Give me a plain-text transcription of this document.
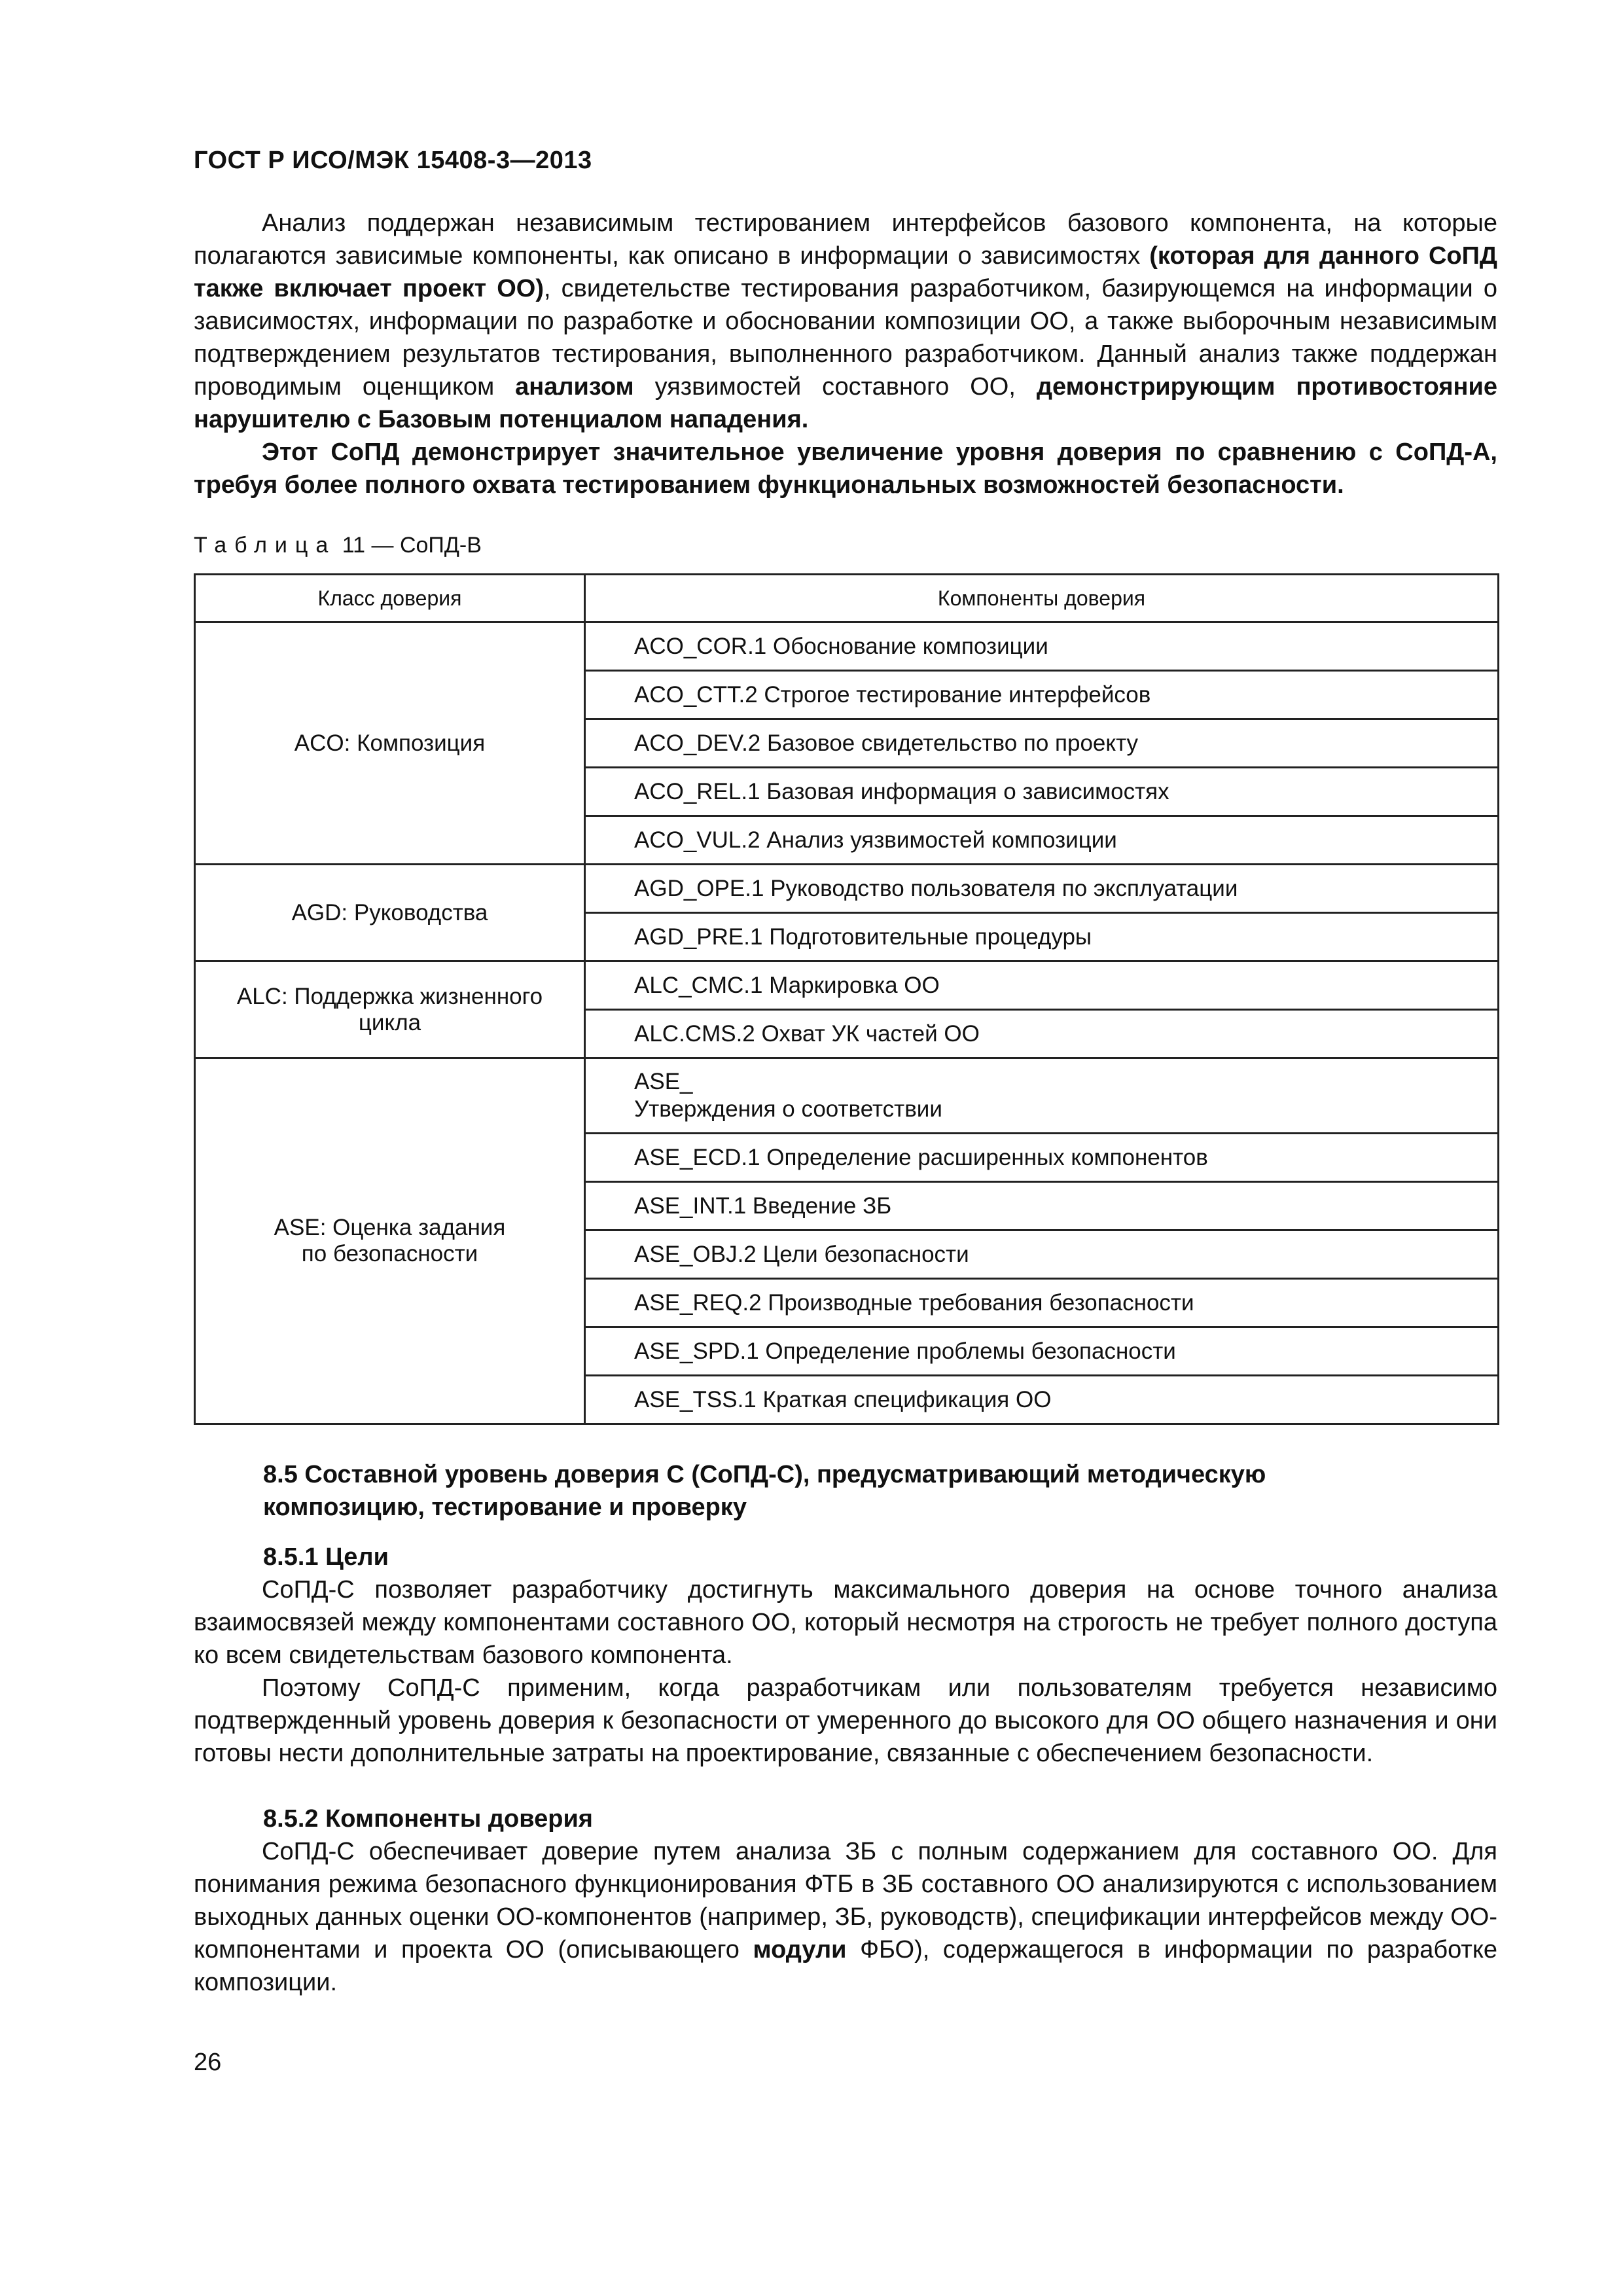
ГОСТ Р ИСО/МЭК 15408-3—2013

Анализ поддержан независимым тестированием интерфейсов базового компонента, на которые полагаются зависимые компоненты, как описано в информации о зависимостях (которая для данного СоПД также включает проект ОО), свидетельстве тестирования разработчиком, базирующемся на информации о зависимостях, информации по разработке и обосновании композиции ОО, а также выборочным независимым подтверждением результатов тестирования, выполненного разработчиком. Данный анализ также поддержан проводимым оценщиком анализом уязвимостей составного ОО, демонстрирующим противостояние нарушителю с Базовым потенциалом нападения.

Этот СоПД демонстрирует значительное увеличение уровня доверия по сравнению с СоПД-А, требуя более полного охвата тестированием функциональных возможностей безопасности.

Таблица 11 — СоПД-В
Класс доверия	Компоненты доверия
ACO: Композиция	ACO_COR.1 Обоснование композиции
	ACO_CTT.2 Строгое тестирование интерфейсов
	ACO_DEV.2 Базовое свидетельство по проекту
	ACO_REL.1 Базовая информация о зависимостях
	ACO_VUL.2 Анализ уязвимостей композиции
AGD: Руководства	AGD_OPE.1 Руководство пользователя по эксплуатации
	AGD_PRE.1 Подготовительные процедуры
ALC: Поддержка жизненного
цикла	ALC_CMC.1 Маркировка ОО
	ALC.CMS.2 Охват УК частей ОО
ASE: Оценка задания
по безопасности	ASE_
Утверждения о соответствии
	ASE_ECD.1 Определение расширенных компонентов
	ASE_INT.1 Введение ЗБ
	ASE_OBJ.2 Цели безопасности
	ASE_REQ.2 Производные требования безопасности
	ASE_SPD.1 Определение проблемы безопасности
	ASE_TSS.1 Краткая спецификация ОО
8.5 Составной уровень доверия С (СоПД-С), предусматривающий методическую
композицию, тестирование и проверку
8.5.1 Цели

СоПД-С позволяет разработчику достигнуть максимального доверия на основе точного анализа взаимосвязей между компонентами составного ОО, который несмотря на строгость не требует полного доступа ко всем свидетельствам базового компонента.

Поэтому СоПД-С применим, когда разработчикам или пользователям требуется независимо подтвержденный уровень доверия к безопасности от умеренного до высокого для ОО общего назначения и они готовы нести дополнительные затраты на проектирование, связанные с обеспечением безопасности.

8.5.2 Компоненты доверия

СоПД-С обеспечивает доверие путем анализа ЗБ с полным содержанием для составного ОО. Для понимания режима безопасного функционирования ФТБ в ЗБ составного ОО анализируются с использованием выходных данных оценки ОО-компонентов (например, ЗБ, руководств), спецификации интерфейсов между ОО-компонентами и проекта ОО (описывающего модули ФБО), содержащегося в информации по разработке композиции.

26
